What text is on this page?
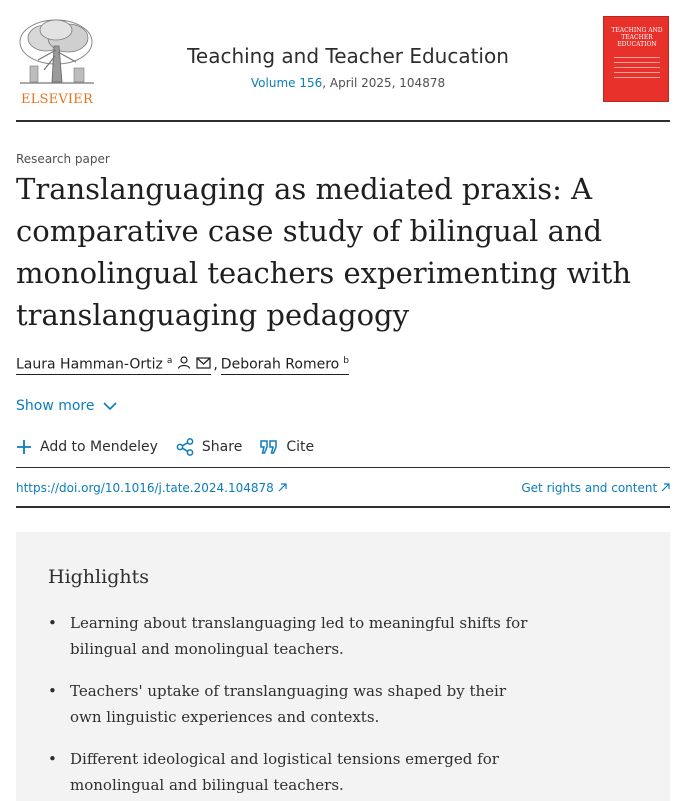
ELSEVIER
Teaching and Teacher Education
Volume 156, April 2025, 104878
TEACHING AND TEACHER EDUCATION
Research paper
Translanguaging as mediated praxis: A comparative case study of bilingual and monolingual teachers experimenting with translanguaging pedagogy
Laura Hamman-Ortiz $^a$	, Deborah Romero $^b$
Show more
Add to Mendeley	Share	Cite
https://doi.org/10.1016/j.tate.2024.104878	Get rights and content
Highlights
• Learning about translanguaging led to meaningful shifts for bilingual and monolingual teachers.
• Teachers' uptake of translanguaging was shaped by their own linguistic experiences and contexts.
• Different ideological and logistical tensions emerged for monolingual and bilingual teachers.
